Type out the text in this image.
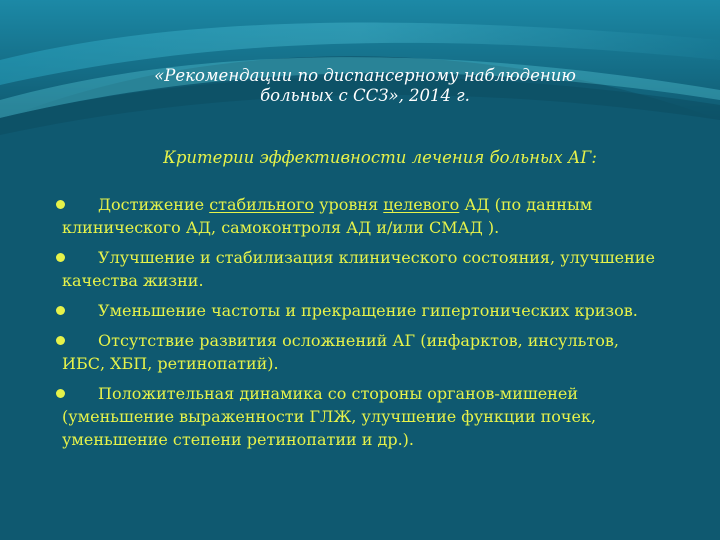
«Рекомендации по диспансерному наблюдению
больных с ССЗ», 2014 г.
Критерии эффективности лечения больных АГ:
Достижение стабильного уровня целевого АД (по данным клинического АД, самоконтроля АД и/или СМАД ).
Улучшение и стабилизация клинического состояния, улучшение качества жизни.
Уменьшение частоты и прекращение гипертонических кризов.
Отсутствие развития осложнений АГ (инфарктов, инсультов, ИБС, ХБП, ретинопатий).
Положительная динамика со стороны органов-мишеней (уменьшение выраженности ГЛЖ, улучшение функции почек, уменьшение степени ретинопатии и др.).
